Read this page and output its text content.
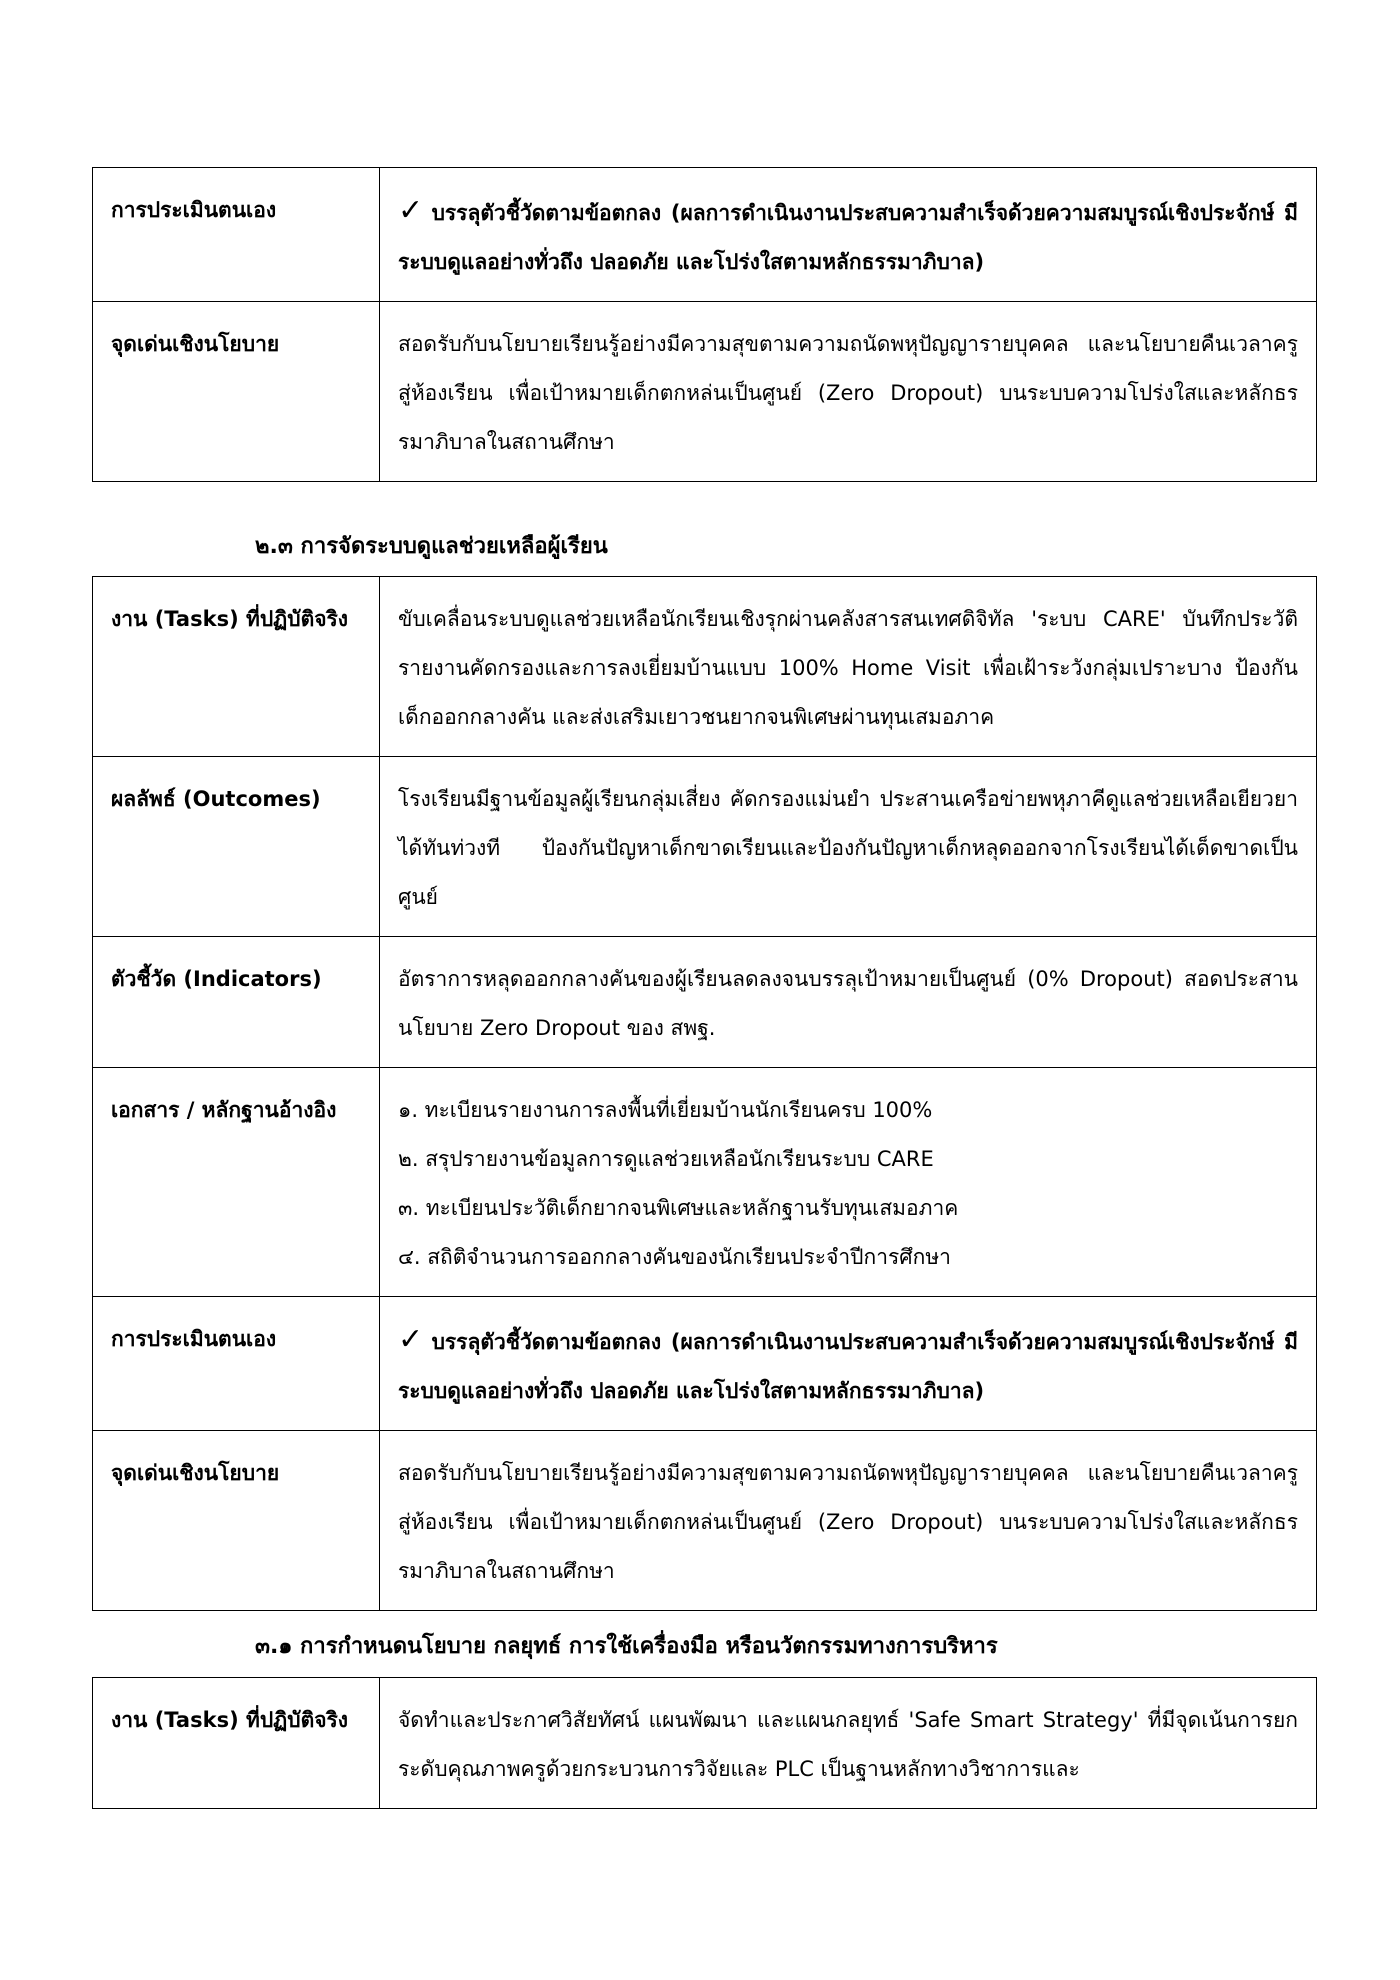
การประเมินตนเอง	✓ บรรลุตัวชี้วัดตามข้อตกลง (ผลการดำเนินงานประสบความสำเร็จด้วยความสมบูรณ์เชิงประจักษ์ มีระบบดูแลอย่างทั่วถึง ปลอดภัย และโปร่งใสตามหลักธรรมาภิบาล)
จุดเด่นเชิงนโยบาย	สอดรับกับนโยบายเรียนรู้อย่างมีความสุขตามความถนัดพหุปัญญารายบุคคล และนโยบายคืนเวลาครูสู่ห้องเรียน เพื่อเป้าหมายเด็กตกหล่นเป็นศูนย์ (Zero Dropout) บนระบบความโปร่งใสและหลักธรรมาภิบาลในสถานศึกษา
๒.๓ การจัดระบบดูแลช่วยเหลือผู้เรียน
งาน (Tasks) ที่ปฏิบัติจริง	ขับเคลื่อนระบบดูแลช่วยเหลือนักเรียนเชิงรุกผ่านคลังสารสนเทศดิจิทัล 'ระบบ CARE' บันทึกประวัติ รายงานคัดกรองและการลงเยี่ยมบ้านแบบ 100% Home Visit เพื่อเฝ้าระวังกลุ่มเปราะบาง ป้องกันเด็กออกกลางคัน และส่งเสริมเยาวชนยากจนพิเศษผ่านทุนเสมอภาค
ผลลัพธ์ (Outcomes)	โรงเรียนมีฐานข้อมูลผู้เรียนกลุ่มเสี่ยง คัดกรองแม่นยำ ประสานเครือข่ายพหุภาคีดูแลช่วยเหลือเยียวยาได้ทันท่วงที ป้องกันปัญหาเด็กขาดเรียนและป้องกันปัญหาเด็กหลุดออกจากโรงเรียนได้เด็ดขาดเป็นศูนย์
ตัวชี้วัด (Indicators)	อัตราการหลุดออกกลางคันของผู้เรียนลดลงจนบรรลุเป้าหมายเป็นศูนย์ (0% Dropout) สอดประสานนโยบาย Zero Dropout ของ สพฐ.
เอกสาร / หลักฐานอ้างอิง	๑. ทะเบียนรายงานการลงพื้นที่เยี่ยมบ้านนักเรียนครบ 100%
๒. สรุปรายงานข้อมูลการดูแลช่วยเหลือนักเรียนระบบ CARE
๓. ทะเบียนประวัติเด็กยากจนพิเศษและหลักฐานรับทุนเสมอภาค
๔. สถิติจำนวนการออกกลางคันของนักเรียนประจำปีการศึกษา

การประเมินตนเอง	✓ บรรลุตัวชี้วัดตามข้อตกลง (ผลการดำเนินงานประสบความสำเร็จด้วยความสมบูรณ์เชิงประจักษ์ มีระบบดูแลอย่างทั่วถึง ปลอดภัย และโปร่งใสตามหลักธรรมาภิบาล)
จุดเด่นเชิงนโยบาย	สอดรับกับนโยบายเรียนรู้อย่างมีความสุขตามความถนัดพหุปัญญารายบุคคล และนโยบายคืนเวลาครูสู่ห้องเรียน เพื่อเป้าหมายเด็กตกหล่นเป็นศูนย์ (Zero Dropout) บนระบบความโปร่งใสและหลักธรรมาภิบาลในสถานศึกษา
๓.๑ การกำหนดนโยบาย กลยุทธ์ การใช้เครื่องมือ หรือนวัตกรรมทางการบริหาร
งาน (Tasks) ที่ปฏิบัติจริง	จัดทำและประกาศวิสัยทัศน์ แผนพัฒนา และแผนกลยุทธ์ 'Safe Smart Strategy' ที่มีจุดเน้นการยกระดับคุณภาพครูด้วยกระบวนการวิจัยและ PLC เป็นฐานหลักทางวิชาการและ
